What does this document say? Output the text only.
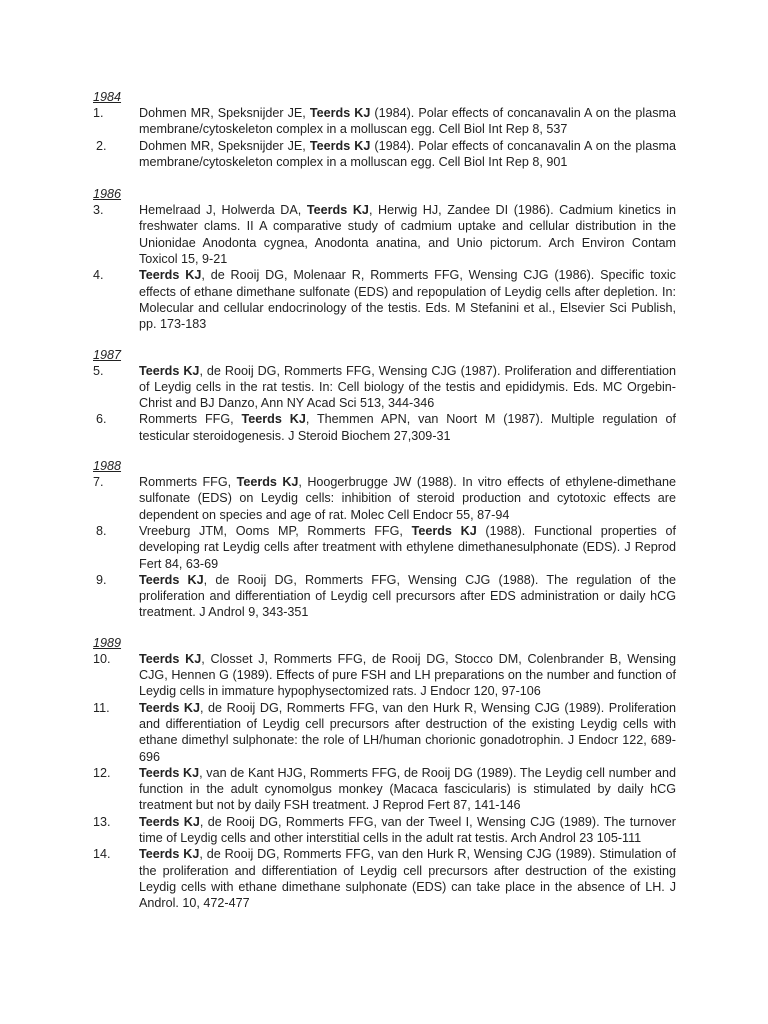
1984
1.	Dohmen MR, Speksnijder JE, Teerds KJ (1984). Polar effects of concanavalin A on the plasma membrane/cytoskeleton complex in a molluscan egg. Cell Biol Int Rep 8, 537
2.	Dohmen MR, Speksnijder JE, Teerds KJ (1984). Polar effects of concanavalin A on the plasma membrane/cytoskeleton complex in a molluscan egg. Cell Biol Int Rep 8, 901
1986
3.	Hemelraad J, Holwerda DA, Teerds KJ, Herwig HJ, Zandee DI (1986). Cadmium kinetics in freshwater clams. II A comparative study of cadmium uptake and cellular distribution in the Unionidae Anodonta cygnea, Anodonta anatina, and Unio pictorum. Arch Environ Contam Toxicol 15, 9-21
4.	Teerds KJ, de Rooij DG, Molenaar R, Rommerts FFG, Wensing CJG (1986). Specific toxic effects of ethane dimethane sulfonate (EDS) and repopulation of Leydig cells after depletion. In: Molecular and cellular endocrinology of the testis. Eds. M Stefanini et al., Elsevier Sci Publish, pp. 173-183
1987
5.	Teerds KJ, de Rooij DG, Rommerts FFG, Wensing CJG (1987). Proliferation and differentiation of Leydig cells in the rat testis. In: Cell biology of the testis and epididymis. Eds. MC Orgebin-Christ and BJ Danzo, Ann NY Acad Sci 513, 344-346
6.	Rommerts FFG, Teerds KJ, Themmen APN, van Noort M (1987). Multiple regulation of testicular steroidogenesis. J Steroid Biochem 27,309-31
1988
7.	Rommerts FFG, Teerds KJ, Hoogerbrugge JW (1988). In vitro effects of ethylene-dimethane sulfonate (EDS) on Leydig cells: inhibition of steroid production and cytotoxic effects are dependent on species and age of rat. Molec Cell Endocr 55, 87-94
8.	Vreeburg JTM, Ooms MP, Rommerts FFG, Teerds KJ (1988). Functional properties of developing rat Leydig cells after treatment with ethylene dimethanesulphonate (EDS). J Reprod Fert 84, 63-69
9.	Teerds KJ, de Rooij DG, Rommerts FFG, Wensing CJG (1988). The regulation of the proliferation and differentiation of Leydig cell precursors after EDS administration or daily hCG treatment. J Androl 9, 343-351
1989
10. Teerds KJ, Closset J, Rommerts FFG, de Rooij DG, Stocco DM, Colenbrander B, Wensing CJG, Hennen G (1989). Effects of pure FSH and LH preparations on the number and function of Leydig cells in immature hypophysectomized rats. J Endocr 120, 97-106
11. Teerds KJ, de Rooij DG, Rommerts FFG, van den Hurk R, Wensing CJG (1989). Proliferation and differentiation of Leydig cell precursors after destruction of the existing Leydig cells with ethane dimethyl sulphonate: the role of LH/human chorionic gonadotrophin. J Endocr 122, 689-696
12. Teerds KJ, van de Kant HJG, Rommerts FFG, de Rooij DG (1989). The Leydig cell number and function in the adult cynomolgus monkey (Macaca fascicularis) is stimulated by daily hCG treatment but not by daily FSH treatment. J Reprod Fert 87, 141-146
13. Teerds KJ, de Rooij DG, Rommerts FFG, van der Tweel I, Wensing CJG (1989). The turnover time of Leydig cells and other interstitial cells in the adult rat testis. Arch Androl 23 105-111
14. Teerds KJ, de Rooij DG, Rommerts FFG, van den Hurk R, Wensing CJG (1989). Stimulation of the proliferation and differentiation of Leydig cell precursors after destruction of the existing Leydig cells with ethane dimethane sulphonate (EDS) can take place in the absence of LH. J Androl. 10, 472-477
